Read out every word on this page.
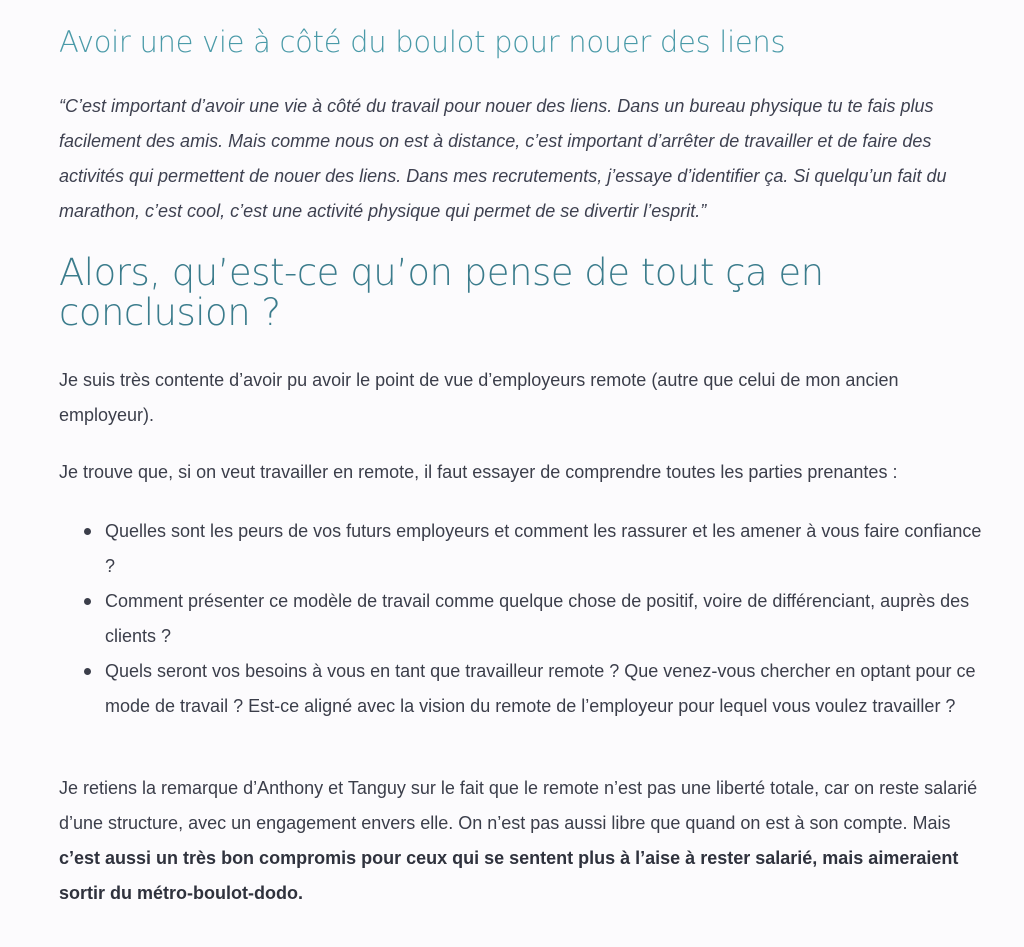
Avoir une vie à côté du boulot pour nouer des liens
“C’est important d’avoir une vie à côté du travail pour nouer des liens. Dans un bureau physique tu te fais plus facilement des amis. Mais comme nous on est à distance, c’est important d’arrêter de travailler et de faire des activités qui permettent de nouer des liens. Dans mes recrutements, j’essaye d’identifier ça. Si quelqu’un fait du marathon, c’est cool, c’est une activité physique qui permet de se divertir l’esprit.”
Alors, qu’est-ce qu’on pense de tout ça en conclusion ?

Je suis très contente d’avoir pu avoir le point de vue d’employeurs remote (autre que celui de mon ancien employeur).

Je trouve que, si on veut travailler en remote, il faut essayer de comprendre toutes les parties prenantes :

Quelles sont les peurs de vos futurs employeurs et comment les rassurer et les amener à vous faire confiance ?
Comment présenter ce modèle de travail comme quelque chose de positif, voire de différenciant, auprès des clients ?
Quels seront vos besoins à vous en tant que travailleur remote ? Que venez-vous chercher en optant pour ce mode de travail ? Est-ce aligné avec la vision du remote de l’employeur pour lequel vous voulez travailler ?

Je retiens la remarque d’Anthony et Tanguy sur le fait que le remote n’est pas une liberté totale, car on reste salarié d’une structure, avec un engagement envers elle. On n’est pas aussi libre que quand on est à son compte. Mais c’est aussi un très bon compromis pour ceux qui se sentent plus à l’aise à rester salarié, mais aimeraient sortir du métro-boulot-dodo.
